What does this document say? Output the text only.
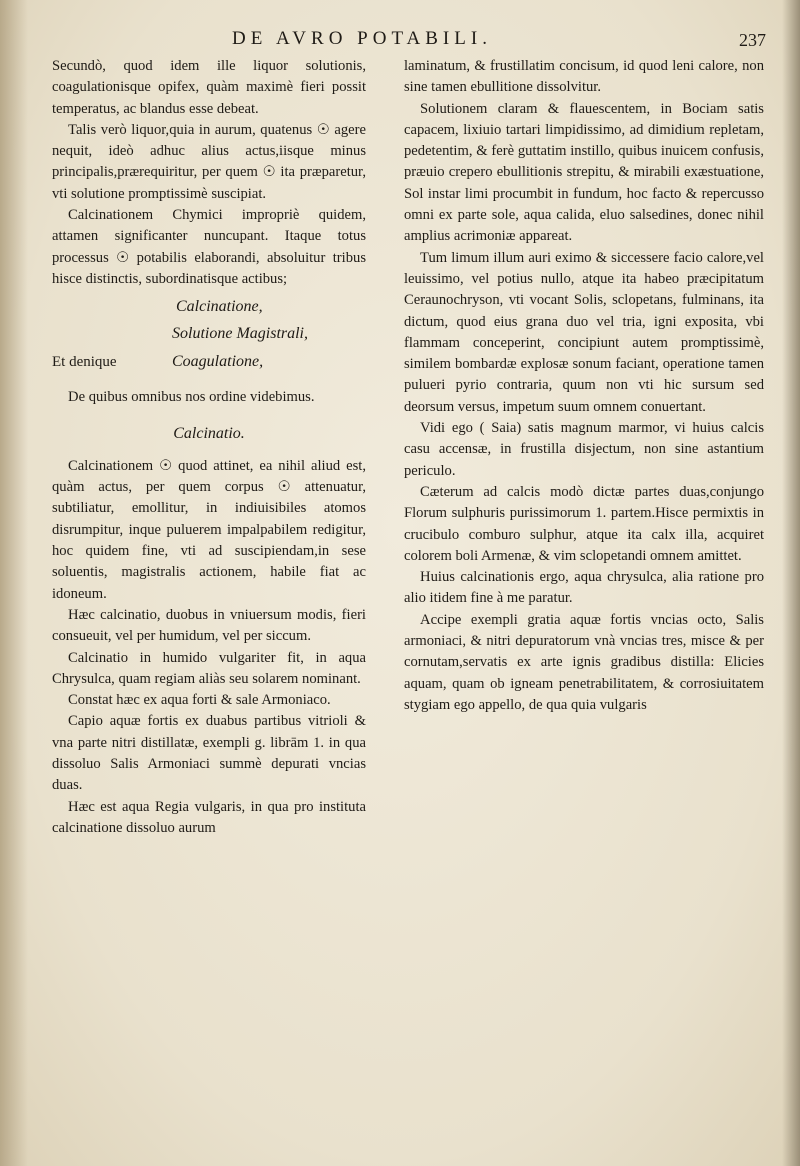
DE AVRO POTABILI.	237

Secundò, quod idem ille liquor solutionis, coagulationisque opifex, quàm maximè fieri possit temperatus, ac blandus esse debeat.

Talis verò liquor,quia in aurum, quatenus ☉ agere nequit, ideò adhuc alius actus,iisque minus principalis,prærequiritur, per quem ☉ ita præparetur, vti solutione promptissimè suscipiat.

Calcinationem Chymici impropriè quidem, attamen significanter nuncupant. Itaque totus processus ☉ potabilis elaborandi, absoluitur tribus hisce distinctis, subordinatisque actibus;

Calcinatione,
Solutione Magistrali,
Et denique	Coagulatione,

De quibus omnibus nos ordine videbimus.

Calcinatio.

Calcinationem ☉ quod attinet, ea nihil aliud est, quàm actus, per quem corpus ☉ attenuatur, subtiliatur, emollitur, in indiuisibiles atomos disrumpitur, inque puluerem impalpabilem redigitur, hoc quidem fine, vti ad suscipiendam,in sese soluentis, magistralis actionem, habile fiat ac idoneum.

Hæc calcinatio, duobus in vniuersum modis, fieri consueuit, vel per humidum, vel per siccum.

Calcinatio in humido vulgariter fit, in aqua Chrysulca, quam regiam aliàs seu solarem nominant.

Constat hæc ex aqua forti & sale Armoniaco.

Capio aquæ fortis ex duabus partibus vitrioli & vna parte nitri distillatæ, exempli g. librām 1. in qua dissoluo Salis Armoniaci summè depurati vncias duas.

Hæc est aqua Regia vulgaris, in qua pro instituta calcinatione dissoluo aurum

laminatum, & frustillatim concisum, id quod leni calore, non sine tamen ebullitione dissolvitur.

Solutionem claram & flauescentem, in Bociam satis capacem, lixiuio tartari limpidissimo, ad dimidium repletam, pedetentim, & ferè guttatim instillo, quibus inuicem confusis, præuio crepero ebullitionis strepitu, & mirabili exæstuatione, Sol instar limi procumbit in fundum, hoc facto & repercusso omni ex parte sole, aqua calida, eluo salsedines, donec nihil amplius acrimoniæ appareat.

Tum limum illum auri eximo & siccessere facio calore,vel leuissimo, vel potius nullo, atque ita habeo præcipitatum Ceraunochryson, vti vocant Solis, sclopetans, fulminans, ita dictum, quod eius grana duo vel tria, igni exposita, vbi flammam conceperint, concipiunt autem promptissimè, similem bombardæ explosæ sonum faciant, operatione tamen pulueri pyrio contraria, quum non vti hic sursum sed deorsum versus, impetum suum omnem conuertant.

Vidi ego ( Saia) satis magnum marmor, vi huius calcis casu accensæ, in frustilla disjectum, non sine astantium periculo.

Cæterum ad calcis modò dictæ partes duas,conjungo Florum sulphuris purissimorum 1. partem.Hisce permixtis in crucibulo comburo sulphur, atque ita calx illa, acquiret colorem boli Armenæ, & vim sclopetandi omnem amittet.

Huius calcinationis ergo, aqua chrysulca, alia ratione pro alio itidem fine à me paratur.

Accipe exempli gratia aquæ fortis vncias octo, Salis armoniaci, & nitri depuratorum vnà vncias tres, misce & per cornutam,servatis ex arte ignis gradibus distilla: Elicies aquam, quam ob igneam penetrabilitatem, & corrosiuitatem stygiam ego appello, de qua quia vulgaris
